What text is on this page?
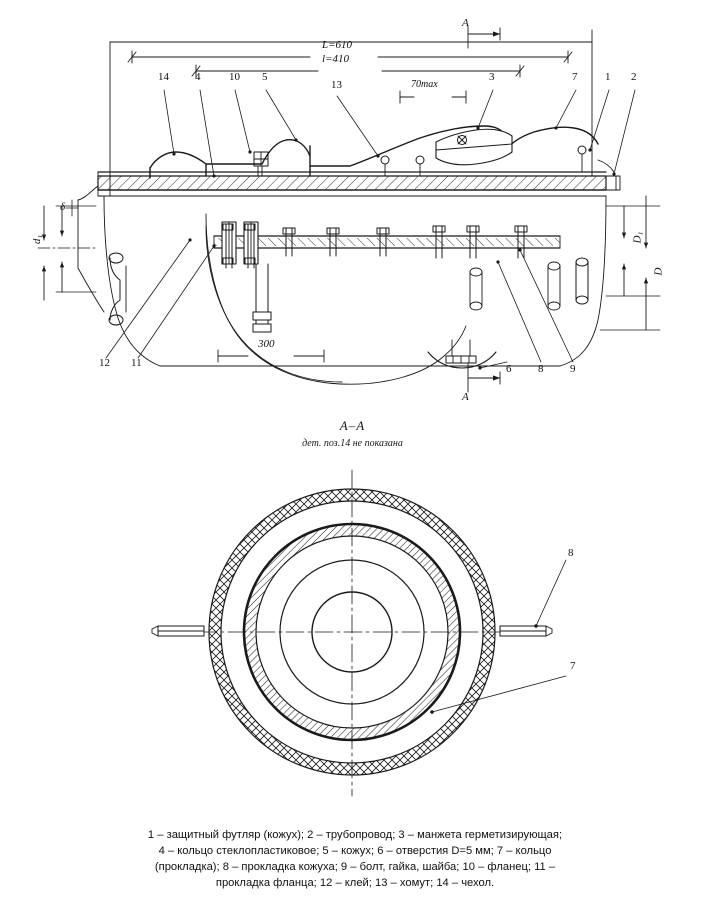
L=610
l=410
70max
300
A
A
δ
d₁	D₁
D
14 4	10 5
13
3	7	1 2
12 11	6 8 9
A–A
дет. поз.14 не показана
8
7
1 – защитный футляр (кожух); 2 – трубопровод; 3 – манжета герметизирующая;
4 – кольцо стеклопластиковое; 5 – кожух; 6 – отверстия D=5 мм; 7 – кольцо
(прокладка); 8 – прокладка кожуха; 9 – болт, гайка, шайба; 10 – фланец; 11 –
прокладка фланца; 12 – клей; 13 – хомут; 14 – чехол.
